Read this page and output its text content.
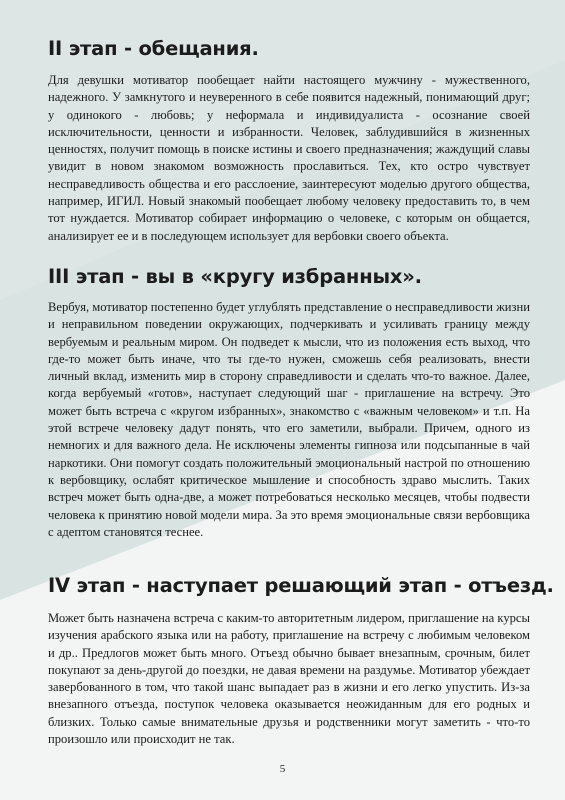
II этап - обещания.

Для девушки мотиватор пообещает найти настоящего мужчину - мужественного, надежного. У замкнутого и неуверенного в себе появится надежный, понимающий друг; у одинокого - любовь; у неформала и индивидуалиста - осознание своей исключительности, ценности и избранности. Человек, заблудившийся в жизненных ценностях, получит помощь в поиске истины и своего предназначения; жаждущий славы увидит в новом знакомом возможность прославиться. Тех, кто остро чувствует несправедливость общества и его расслоение, заинтересуют моделью другого общества, например, ИГИЛ. Новый знакомый пообещает любому человеку предоставить то, в чем тот нуждается. Мотиватор собирает информацию о человеке, с которым он общается, анализирует ее и в последующем использует для вербовки своего объекта.

III этап - вы в «кругу избранных».

Вербуя, мотиватор постепенно будет углублять представление о несправедливости жизни и неправильном поведении окружающих, подчеркивать и усиливать границу между вербуемым и реальным миром. Он подведет к мысли, что из положения есть выход, что где-то может быть иначе, что ты где-то нужен, сможешь себя реализовать, внести личный вклад, изменить мир в сторону справедливости и сделать что-то важное. Далее, когда вербуемый «готов», наступает следующий шаг - приглашение на встречу. Это может быть встреча с «кругом избранных», знакомство с «важным человеком» и т.п. На этой встрече человеку дадут понять, что его заметили, выбрали. Причем, одного из немногих и для важного дела. Не исключены элементы гипноза или подсыпанные в чай наркотики. Они помогут создать положительный эмоциональный настрой по отношению к вербовщику, ослабят критическое мышление и способность здраво мыслить. Таких встреч может быть одна-две, а может потребоваться несколько месяцев, чтобы подвести человека к принятию новой модели мира. За это время эмоциональные связи вербовщика с адептом становятся теснее.

IV этап - наступает решающий этап - отъезд.

Может быть назначена встреча с каким-то авторитетным лидером, приглашение на курсы изучения арабского языка или на работу, приглашение на встречу с любимым человеком и др.. Предлогов может быть много. Отъезд обычно бывает внезапным, срочным, билет покупают за день-другой до поездки, не давая времени на раздумье. Мотиватор убеждает завербованного в том, что такой шанс выпадает раз в жизни и его легко упустить. Из-за внезапного отъезда, поступок человека оказывается неожиданным для его родных и близких. Только самые внимательные друзья и родственники могут заметить - что-то произошло или происходит не так.

5
